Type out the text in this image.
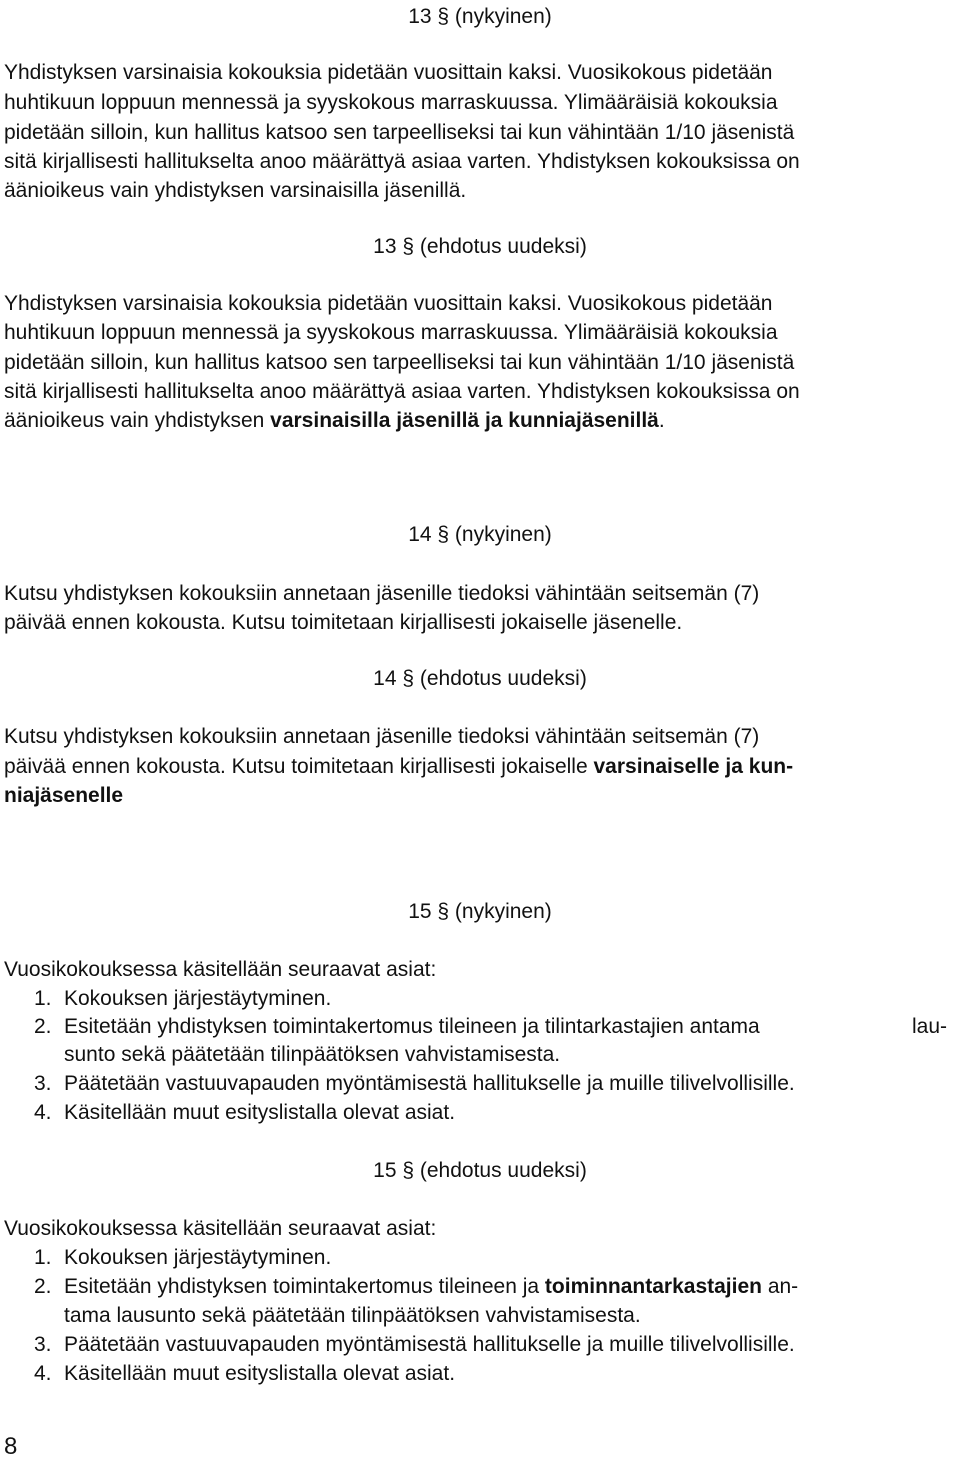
13 § (nykyinen)
Yhdistyksen varsinaisia kokouksia pidetään vuosittain kaksi. Vuosikokous pidetään
huhtikuun loppuun mennessä ja syyskokous marraskuussa. Ylimääräisiä kokouksia
pidetään silloin, kun hallitus katsoo sen tarpeelliseksi tai kun vähintään 1/10 jäsenistä
sitä kirjallisesti hallitukselta anoo määrättyä asiaa varten. Yhdistyksen kokouksissa on
äänioikeus vain yhdistyksen varsinaisilla jäsenillä.
13 § (ehdotus uudeksi)
Yhdistyksen varsinaisia kokouksia pidetään vuosittain kaksi. Vuosikokous pidetään
huhtikuun loppuun mennessä ja syyskokous marraskuussa. Ylimääräisiä kokouksia
pidetään silloin, kun hallitus katsoo sen tarpeelliseksi tai kun vähintään 1/10 jäsenistä
sitä kirjallisesti hallitukselta anoo määrättyä asiaa varten. Yhdistyksen kokouksissa on
äänioikeus vain yhdistyksen varsinaisilla jäsenillä ja kunniajäsenillä.
14 § (nykyinen)
Kutsu yhdistyksen kokouksiin annetaan jäsenille tiedoksi vähintään seitsemän (7)
päivää ennen kokousta. Kutsu toimitetaan kirjallisesti jokaiselle jäsenelle.
14 § (ehdotus uudeksi)
Kutsu yhdistyksen kokouksiin annetaan jäsenille tiedoksi vähintään seitsemän (7)
päivää ennen kokousta. Kutsu toimitetaan kirjallisesti jokaiselle varsinaiselle ja kun-
niajäsenelle
15 § (nykyinen)
Vuosikokouksessa käsitellään seuraavat asiat:
1. Kokouksen järjestäytyminen.
2. Esitetään yhdistyksen toimintakertomus tileineen ja tilintarkastajien antama	lau-
sunto sekä päätetään tilinpäätöksen vahvistamisesta.
3. Päätetään vastuuvapauden myöntämisestä hallitukselle ja muille tilivelvollisille.
4. Käsitellään muut esityslistalla olevat asiat.
15 § (ehdotus uudeksi)
Vuosikokouksessa käsitellään seuraavat asiat:
1. Kokouksen järjestäytyminen.
2. Esitetään yhdistyksen toimintakertomus tileineen ja toiminnantarkastajien an-
tama lausunto sekä päätetään tilinpäätöksen vahvistamisesta.
3. Päätetään vastuuvapauden myöntämisestä hallitukselle ja muille tilivelvollisille.
4. Käsitellään muut esityslistalla olevat asiat.
8
